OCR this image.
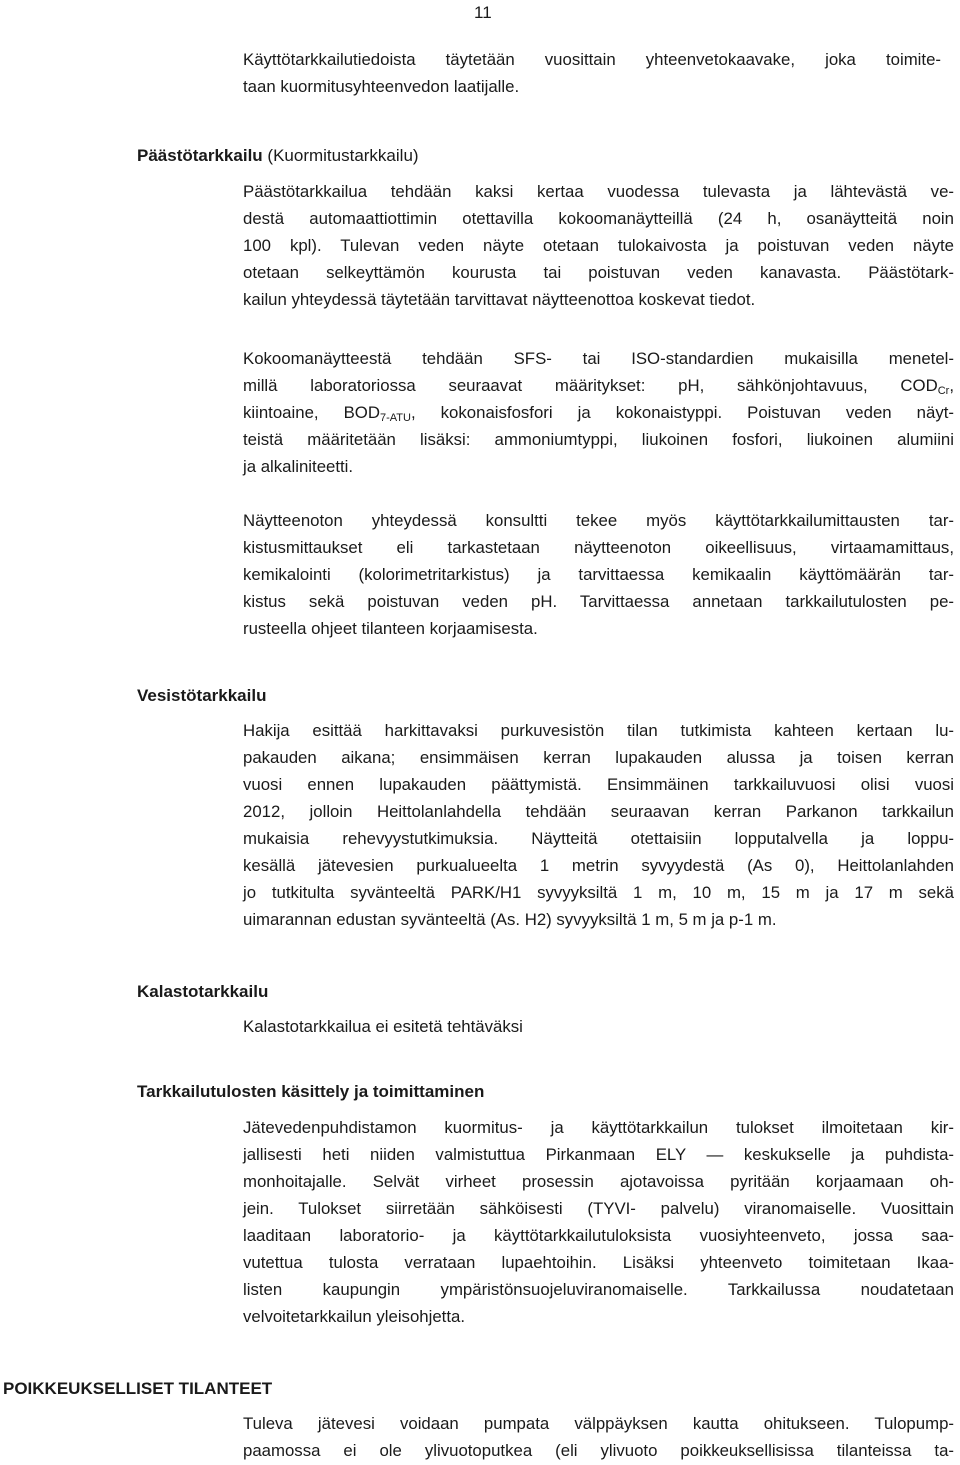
11
Käyttötarkkailutiedoista täytetään vuosittain yhteenvetokaavake, joka toimite-
taan kuormitusyhteenvedon laatijalle.
Päästötarkkailu (Kuormitustarkkailu)
Päästötarkkailua tehdään kaksi kertaa vuodessa tulevasta ja lähtevästä ve-
destä automaattiottimin otettavilla kokoomanäytteillä (24 h, osanäytteitä noin
100 kpl). Tulevan veden näyte otetaan tulokaivosta ja poistuvan veden näyte
otetaan selkeyttämön kourusta tai poistuvan veden kanavasta. Päästötark-
kailun yhteydessä täytetään tarvittavat näytteenottoa koskevat tiedot.
Kokoomanäytteestä tehdään SFS- tai ISO-standardien mukaisilla menetel-
millä laboratoriossa seuraavat määritykset: pH, sähkönjohtavuus, $COD_{Cr}$,
kiintoaine, $BOD_{7-ATU}$, kokonaisfosfori ja kokonaistyppi. Poistuvan veden näyt-
teistä määritetään lisäksi: ammoniumtyppi, liukoinen fosfori, liukoinen alumiini
ja alkaliniteetti.
Näytteenoton yhteydessä konsultti tekee myös käyttötarkkailumittausten tar-
kistusmittaukset eli tarkastetaan näytteenoton oikeellisuus, virtaamamittaus,
kemikalointi (kolorimetritarkistus) ja tarvittaessa kemikaalin käyttömäärän tar-
kistus sekä poistuvan veden pH. Tarvittaessa annetaan tarkkailutulosten pe-
rusteella ohjeet tilanteen korjaamisesta.
Vesistötarkkailu
Hakija esittää harkittavaksi purkuvesistön tilan tutkimista kahteen kertaan lu-
pakauden aikana; ensimmäisen kerran lupakauden alussa ja toisen kerran
vuosi ennen lupakauden päättymistä. Ensimmäinen tarkkailuvuosi olisi vuosi
2012, jolloin Heittolanlahdella tehdään seuraavan kerran Parkanon tarkkailun
mukaisia rehevyystutkimuksia. Näytteitä otettaisiin lopputalvella ja loppu-
kesällä jätevesien purkualueelta 1 metrin syvyydestä (As 0), Heittolanlahden
jo tutkitulta syvänteeltä PARK/H1 syvyyksiltä 1 m, 10 m, 15 m ja 17 m sekä
uimarannan edustan syvänteeltä (As. H2) syvyyksiltä 1 m, 5 m ja p-1 m.
Kalastotarkkailu
Kalastotarkkailua ei esitetä tehtäväksi
Tarkkailutulosten käsittely ja toimittaminen
Jätevedenpuhdistamon kuormitus- ja käyttötarkkailun tulokset ilmoitetaan kir-
jallisesti heti niiden valmistuttua Pirkanmaan ELY — keskukselle ja puhdista-
monhoitajalle. Selvät virheet prosessin ajotavoissa pyritään korjaamaan oh-
jein. Tulokset siirretään sähköisesti (TYVI- palvelu) viranomaiselle. Vuosittain
laaditaan laboratorio- ja käyttötarkkailutuloksista vuosiyhteenveto, jossa saa-
vutettua tulosta verrataan lupaehtoihin. Lisäksi yhteenveto toimitetaan Ikaa-
listen kaupungin ympäristönsuojeluviranomaiselle. Tarkkailussa noudatetaan
velvoitetarkkailun yleisohjetta.
POIKKEUKSELLISET TILANTEET
Tuleva jätevesi voidaan pumpata välppäyksen kautta ohitukseen. Tulopump-
paamossa ei ole ylivuotoputkea (eli ylivuoto poikkeuksellisissa tilanteissa ta-
